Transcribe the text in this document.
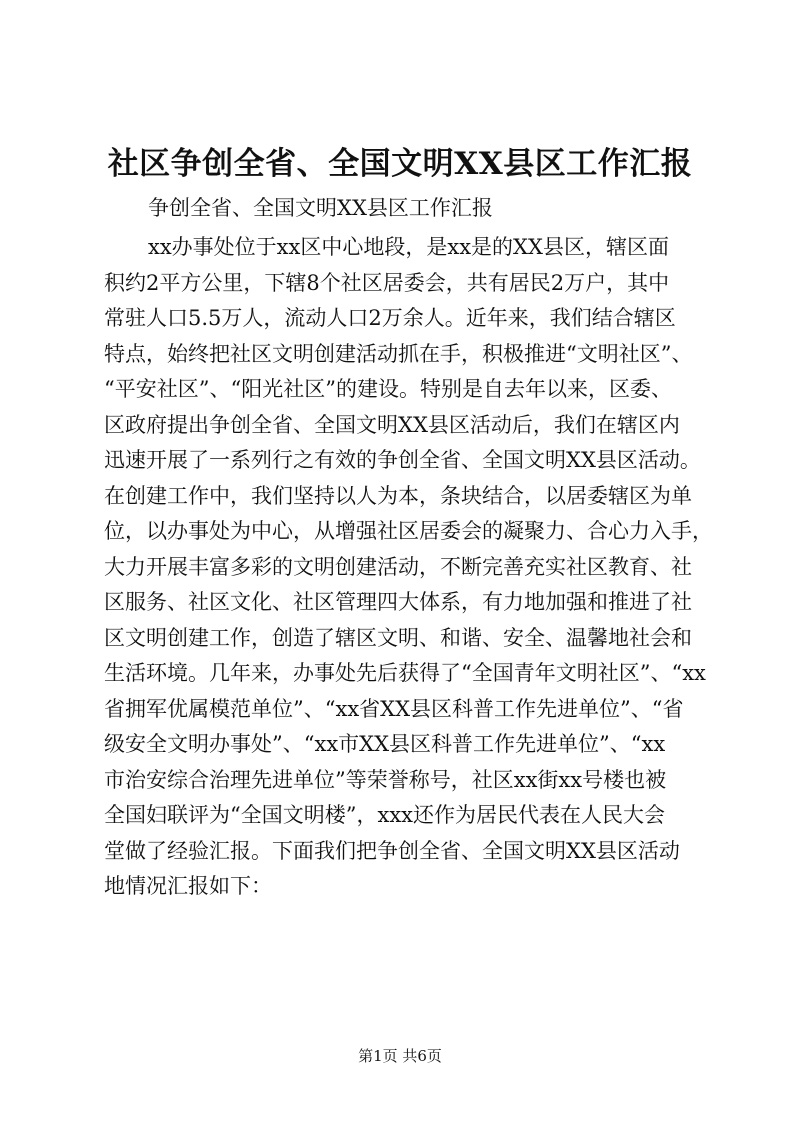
社区争创全省、全国文明XX县区工作汇报
争创全省、全国文明XX县区工作汇报
xx办事处位于xx区中心地段，是xx是的XX县区，辖区面
积约2平方公里，下辖8个社区居委会，共有居民2万户，其中
常驻人口5.5万人，流动人口2万余人。近年来，我们结合辖区
特点，始终把社区文明创建活动抓在手，积极推进“文明社区”、
“平安社区”、“阳光社区”的建设。特别是自去年以来，区委、
区政府提出争创全省、全国文明XX县区活动后，我们在辖区内
迅速开展了一系列行之有效的争创全省、全国文明XX县区活动。
在创建工作中，我们坚持以人为本，条块结合，以居委辖区为单
位，以办事处为中心，从增强社区居委会的凝聚力、合心力入手，
大力开展丰富多彩的文明创建活动，不断完善充实社区教育、社
区服务、社区文化、社区管理四大体系，有力地加强和推进了社
区文明创建工作，创造了辖区文明、和谐、安全、温馨地社会和
生活环境。几年来，办事处先后获得了“全国青年文明社区”、“xx
省拥军优属模范单位”、“xx省XX县区科普工作先进单位”、“省
级安全文明办事处”、“xx市XX县区科普工作先进单位”、“xx
市治安综合治理先进单位”等荣誉称号，社区xx街xx号楼也被
全国妇联评为“全国文明楼”，xxx还作为居民代表在人民大会
堂做了经验汇报。下面我们把争创全省、全国文明XX县区活动
地情况汇报如下：
第1页 共6页
